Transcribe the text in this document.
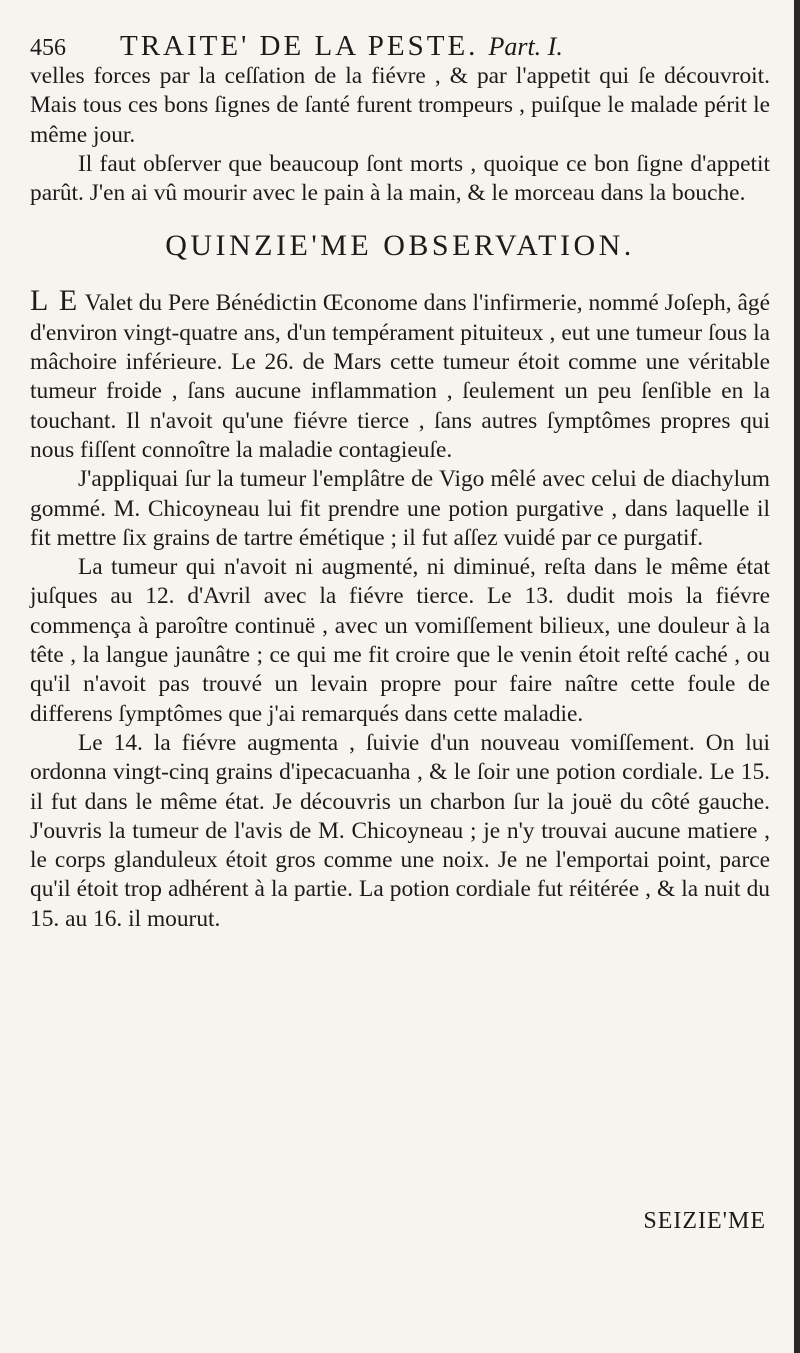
456	TRAITE' DE LA PESTE. Part. I.

velles forces par la ceſſation de la fiévre , & par l'appetit qui ſe découvroit. Mais tous ces bons ſignes de ſanté furent trompeurs , puiſque le malade périt le même jour.

Il faut obſerver que beaucoup ſont morts , quoique ce bon ſigne d'appetit parût. J'en ai vû mourir avec le pain à la main, & le morceau dans la bouche.

QUINZIE'ME OBSERVATION.

L E Valet du Pere Bénédictin Œconome dans l'infirmerie, nommé Joſeph, âgé d'environ vingt-quatre ans, d'un tempérament pituiteux , eut une tumeur ſous la mâchoire inférieure. Le 26. de Mars cette tumeur étoit comme une véritable tumeur froide , ſans aucune inflammation , ſeulement un peu ſenſible en la touchant. Il n'avoit qu'une fiévre tierce , ſans autres ſymptômes propres qui nous fiſſent connoître la maladie contagieuſe.

J'appliquai ſur la tumeur l'emplâtre de Vigo mêlé avec celui de diachylum gommé. M. Chicoyneau lui fit prendre une potion purgative , dans laquelle il fit mettre ſix grains de tartre émétique ; il fut aſſez vuidé par ce purgatif.

La tumeur qui n'avoit ni augmenté, ni diminué, reſta dans le même état juſques au 12. d'Avril avec la fiévre tierce. Le 13. dudit mois la fiévre commença à paroître continuë , avec un vomiſſement bilieux, une douleur à la tête , la langue jaunâtre ; ce qui me fit croire que le venin étoit reſté caché , ou qu'il n'avoit pas trouvé un levain propre pour faire naître cette foule de differens ſymptômes que j'ai remarqués dans cette maladie.

Le 14. la fiévre augmenta , ſuivie d'un nouveau vomiſſement. On lui ordonna vingt-cinq grains d'ipecacuanha , & le ſoir une potion cordiale. Le 15. il fut dans le même état. Je découvris un charbon ſur la jouë du côté gauche. J'ouvris la tumeur de l'avis de M. Chicoyneau ; je n'y trouvai aucune matiere , le corps glanduleux étoit gros comme une noix. Je ne l'emportai point, parce qu'il étoit trop adhérent à la partie. La potion cordiale fut réitérée , & la nuit du 15. au 16. il mourut.

SEIZIE'ME
